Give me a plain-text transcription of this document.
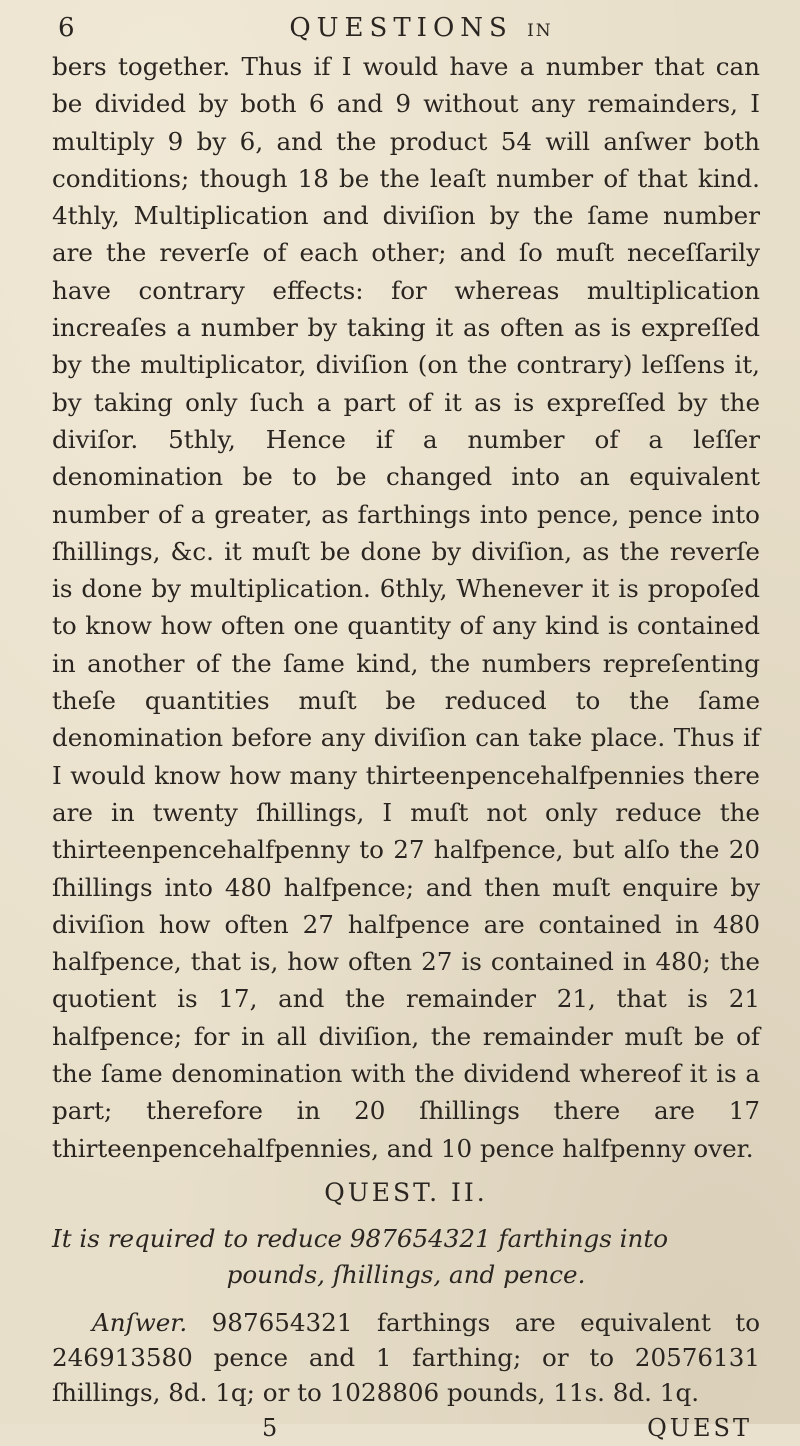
6	QUESTIONS IN

bers together. Thus if I would have a number that can be divided by both 6 and 9 without any remainders, I multiply 9 by 6, and the product 54 will anſwer both conditions; though 18 be the leaſt number of that kind. 4thly, Multiplication and diviſion by the ſame number are the reverſe of each other; and ſo muſt neceſſarily have contrary effects: for whereas multiplication increaſes a number by taking it as often as is expreſſed by the multiplicator, diviſion (on the contrary) leſſens it, by taking only ſuch a part of it as is expreſſed by the diviſor. 5thly, Hence if a number of a leſſer denomination be to be changed into an equivalent number of a greater, as farthings into pence, pence into ſhillings, &c. it muſt be done by diviſion, as the reverſe is done by multiplication. 6thly, Whenever it is propoſed to know how often one quantity of any kind is contained in another of the ſame kind, the numbers repreſenting theſe quantities muſt be reduced to the ſame denomination before any diviſion can take place. Thus if I would know how many thirteenpencehalfpennies there are in twenty ſhillings, I muſt not only reduce the thirteenpencehalfpenny to 27 halfpence, but alſo the 20 ſhillings into 480 halfpence; and then muſt enquire by diviſion how often 27 halfpence are contained in 480 halfpence, that is, how often 27 is contained in 480; the quotient is 17, and the remainder 21, that is 21 halfpence; for in all diviſion, the remainder muſt be of the ſame denomination with the dividend whereof it is a part; therefore in 20 ſhillings there are 17 thirteenpencehalfpennies, and 10 pence halfpenny over.

QUEST. II.
It is required to reduce 987654321 farthings into
pounds, ſhillings, and pence.

Anſwer. 987654321 farthings are equivalent to 246913580 pence and 1 farthing; or to 20576131 ſhillings, 8d. 1q; or to 1028806 pounds, 11s. 8d. 1q.

5	QUEST
